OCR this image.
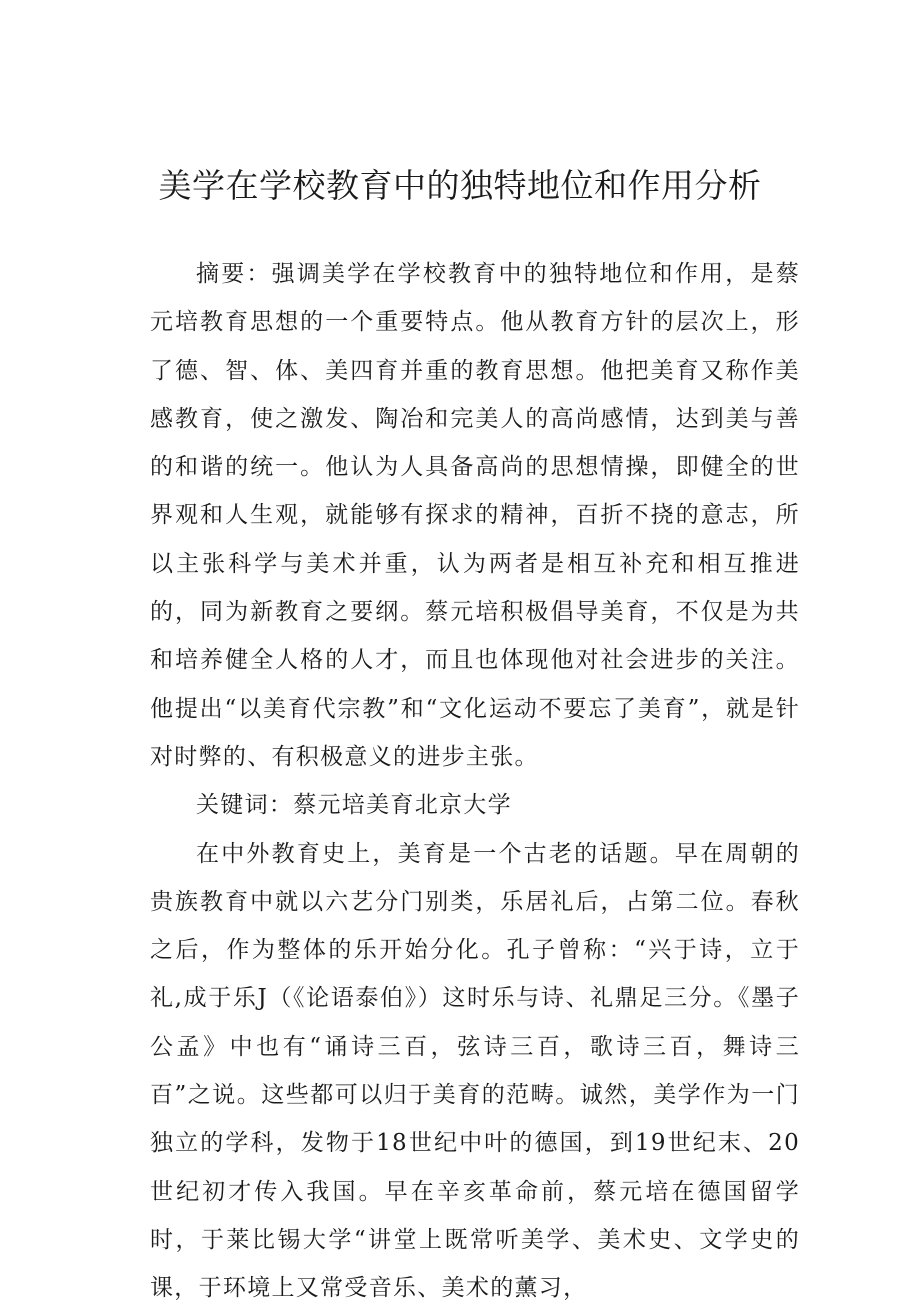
美学在学校教育中的独特地位和作用分析

摘要：强调美学在学校教育中的独特地位和作用，是蔡元培教育思想的一个重要特点。他从教育方针的层次上，形了德、智、体、美四育并重的教育思想。他把美育又称作美感教育，使之激发、陶冶和完美人的高尚感情，达到美与善的和谐的统一。他认为人具备高尚的思想情操，即健全的世界观和人生观，就能够有探求的精神，百折不挠的意志，所以主张科学与美术并重，认为两者是相互补充和相互推进的，同为新教育之要纲。蔡元培积极倡导美育，不仅是为共和培养健全人格的人才，而且也体现他对社会进步的关注。他提出“以美育代宗教”和“文化运动不要忘了美育”，就是针对时弊的、有积极意义的进步主张。

关键词：蔡元培美育北京大学

在中外教育史上，美育是一个古老的话题。早在周朝的贵族教育中就以六艺分门别类，乐居礼后，占第二位。春秋之后，作为整体的乐开始分化。孔子曾称：“兴于诗，立于礼,成于乐J（《论语泰伯》）这时乐与诗、礼鼎足三分。《墨子公孟》中也有“诵诗三百，弦诗三百，歌诗三百，舞诗三百”之说。这些都可以归于美育的范畴。诚然，美学作为一门独立的学科，发物于18世纪中叶的德国，到19世纪末、20世纪初才传入我国。早在辛亥革命前，蔡元培在德国留学时，于莱比锡大学“讲堂上既常听美学、美术史、文学史的课，于环境上又常受音乐、美术的薰习，
